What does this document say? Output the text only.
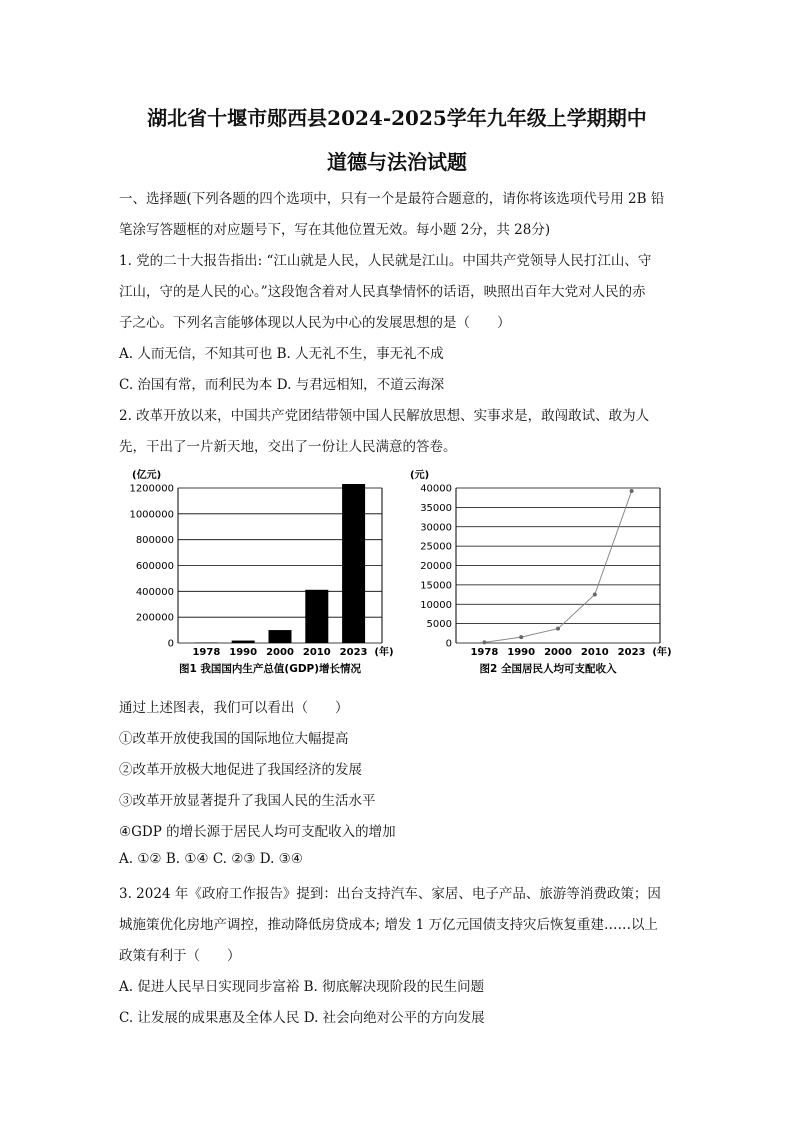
湖北省十堰市郧西县2024-2025学年九年级上学期期中
道德与法治试题
一、选择题(下列各题的四个选项中，只有一个是最符合题意的，请你将该选项代号用 2B 铅
笔涂写答题框的对应题号下，写在其他位置无效。每小题 2分，共 28分)
1. 党的二十大报告指出: “江山就是人民，人民就是江山。中国共产党领导人民打江山、守
江山，守的是人民的心。”这段饱含着对人民真挚情怀的话语，映照出百年大党对人民的赤
子之心。下列名言能够体现以人民为中心的发展思想的是（　　）
A. 人而无信，不知其可也 B. 人无礼不生，事无礼不成
C. 治国有常，而利民为本 D. 与君远相知，不道云海深
2. 改革开放以来，中国共产党团结带领中国人民解放思想、实事求是，敢闯敢试、敢为人
先，干出了一片新天地，交出了一份让人民满意的答卷。
(亿元)
0
200000
400000
600000
800000
1000000
1200000
1978 1990 2000 2010 2023 (年)
图1 我国国内生产总值(GDP)增长情况
(元)
0
5000
10000
15000
20000
25000
30000
35000
40000
1978 1990 2000 2010 2023 (年)
图2 全国居民人均可支配收入
通过上述图表，我们可以看出（　　）
①改革开放使我国的国际地位大幅提高
②改革开放极大地促进了我国经济的发展
③改革开放显著提升了我国人民的生活水平
④GDP 的增长源于居民人均可支配收入的增加
A. ①② B. ①④ C. ②③ D. ③④
3. 2024 年《政府工作报告》提到：出台支持汽车、家居、电子产品、旅游等消费政策；因
城施策优化房地产调控，推动降低房贷成本; 增发 1 万亿元国债支持灾后恢复重建……以上
政策有利于（　　）
A. 促进人民早日实现同步富裕 B. 彻底解决现阶段的民生问题
C. 让发展的成果惠及全体人民 D. 社会向绝对公平的方向发展
